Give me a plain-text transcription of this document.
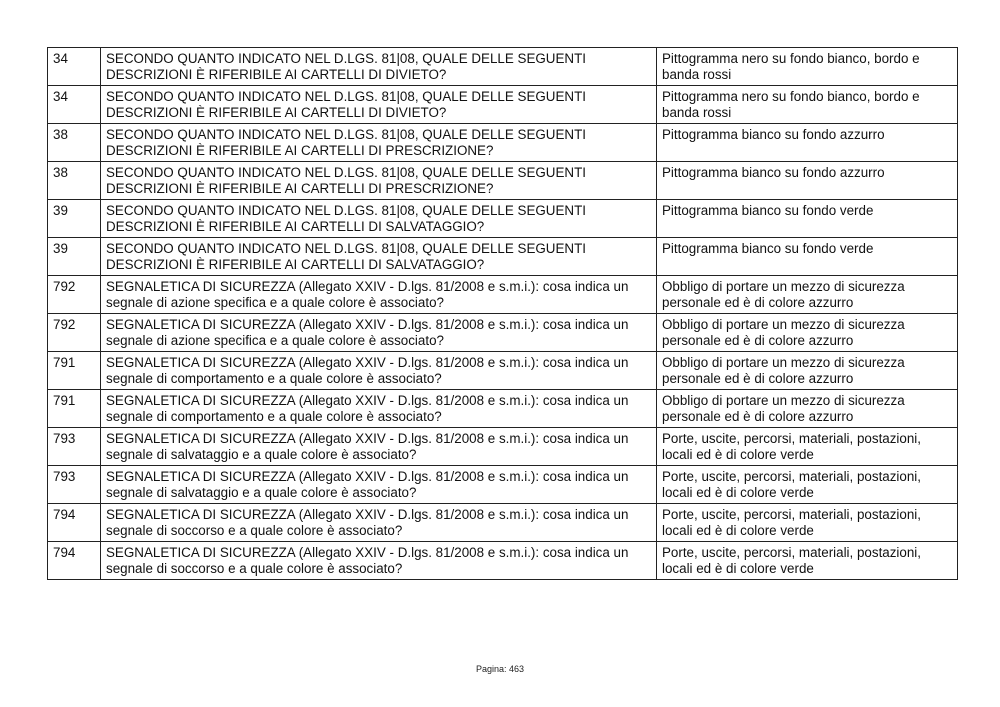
34	SECONDO QUANTO INDICATO NEL D.LGS. 81|08, QUALE DELLE SEGUENTI DESCRIZIONI È RIFERIBILE AI CARTELLI DI DIVIETO?	Pittogramma nero su fondo bianco, bordo e banda rossi
34	SECONDO QUANTO INDICATO NEL D.LGS. 81|08, QUALE DELLE SEGUENTI DESCRIZIONI È RIFERIBILE AI CARTELLI DI DIVIETO?	Pittogramma nero su fondo bianco, bordo e banda rossi
38	SECONDO QUANTO INDICATO NEL D.LGS. 81|08, QUALE DELLE SEGUENTI DESCRIZIONI È RIFERIBILE AI CARTELLI DI PRESCRIZIONE?	Pittogramma bianco su fondo azzurro
38	SECONDO QUANTO INDICATO NEL D.LGS. 81|08, QUALE DELLE SEGUENTI DESCRIZIONI È RIFERIBILE AI CARTELLI DI PRESCRIZIONE?	Pittogramma bianco su fondo azzurro
39	SECONDO QUANTO INDICATO NEL D.LGS. 81|08, QUALE DELLE SEGUENTI DESCRIZIONI È RIFERIBILE AI CARTELLI DI SALVATAGGIO?	Pittogramma bianco su fondo verde
39	SECONDO QUANTO INDICATO NEL D.LGS. 81|08, QUALE DELLE SEGUENTI DESCRIZIONI È RIFERIBILE AI CARTELLI DI SALVATAGGIO?	Pittogramma bianco su fondo verde
792	SEGNALETICA DI SICUREZZA (Allegato XXIV - D.lgs. 81/2008 e s.m.i.): cosa indica un segnale di azione specifica e a quale colore è associato?	Obbligo di portare un mezzo di sicurezza personale ed è di colore azzurro
792	SEGNALETICA DI SICUREZZA (Allegato XXIV - D.lgs. 81/2008 e s.m.i.): cosa indica un segnale di azione specifica e a quale colore è associato?	Obbligo di portare un mezzo di sicurezza personale ed è di colore azzurro
791	SEGNALETICA DI SICUREZZA (Allegato XXIV - D.lgs. 81/2008 e s.m.i.): cosa indica un segnale di comportamento e a quale colore è associato?	Obbligo di portare un mezzo di sicurezza personale ed è di colore azzurro
791	SEGNALETICA DI SICUREZZA (Allegato XXIV - D.lgs. 81/2008 e s.m.i.): cosa indica un segnale di comportamento e a quale colore è associato?	Obbligo di portare un mezzo di sicurezza personale ed è di colore azzurro
793	SEGNALETICA DI SICUREZZA (Allegato XXIV - D.lgs. 81/2008 e s.m.i.): cosa indica un segnale di salvataggio e a quale colore è associato?	Porte, uscite, percorsi, materiali, postazioni, locali ed è di colore verde
793	SEGNALETICA DI SICUREZZA (Allegato XXIV - D.lgs. 81/2008 e s.m.i.): cosa indica un segnale di salvataggio e a quale colore è associato?	Porte, uscite, percorsi, materiali, postazioni, locali ed è di colore verde
794	SEGNALETICA DI SICUREZZA (Allegato XXIV - D.lgs. 81/2008 e s.m.i.): cosa indica un segnale di soccorso e a quale colore è associato?	Porte, uscite, percorsi, materiali, postazioni, locali ed è di colore verde
794	SEGNALETICA DI SICUREZZA (Allegato XXIV - D.lgs. 81/2008 e s.m.i.): cosa indica un segnale di soccorso e a quale colore è associato?	Porte, uscite, percorsi, materiali, postazioni, locali ed è di colore verde
Pagina: 463
